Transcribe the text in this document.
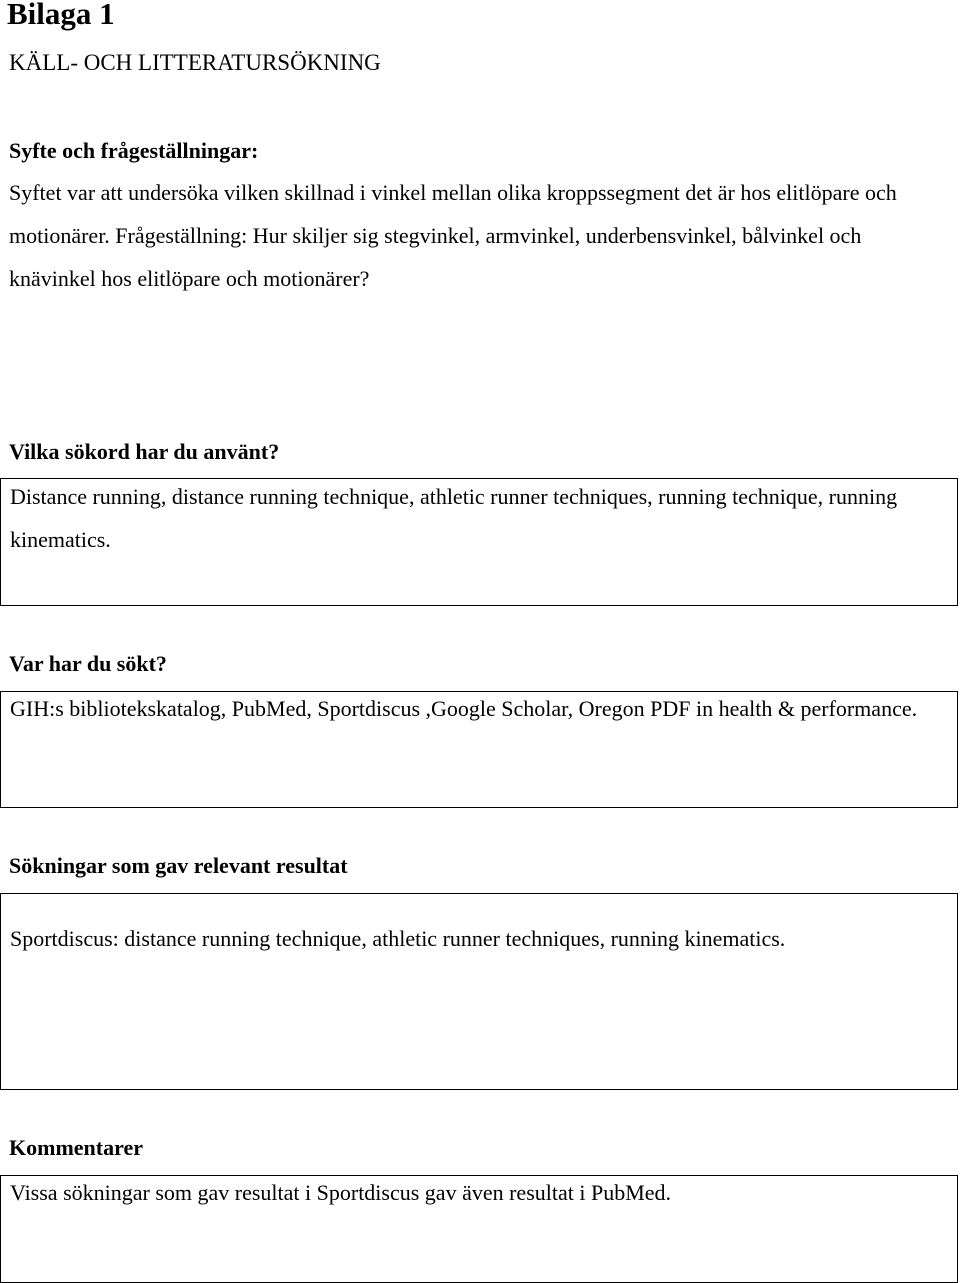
Bilaga 1
KÄLL- OCH LITTERATURSÖKNING
Syfte och frågeställningar:

Syftet var att undersöka vilken skillnad i vinkel mellan olika kroppssegment det är hos elitlöpare och motionärer. Frågeställning: Hur skiljer sig stegvinkel, armvinkel, underbensvinkel, bålvinkel och knävinkel hos elitlöpare och motionärer?

Vilka sökord har du använt?

Distance running, distance running technique, athletic runner techniques, running technique, running kinematics.

Var har du sökt?

GIH:s bibliotekskatalog, PubMed, Sportdiscus ,Google Scholar, Oregon PDF in health & performance.

Sökningar som gav relevant resultat

Sportdiscus: distance running technique, athletic runner techniques, running kinematics.

Kommentarer

Vissa sökningar som gav resultat i Sportdiscus gav även resultat i PubMed.
